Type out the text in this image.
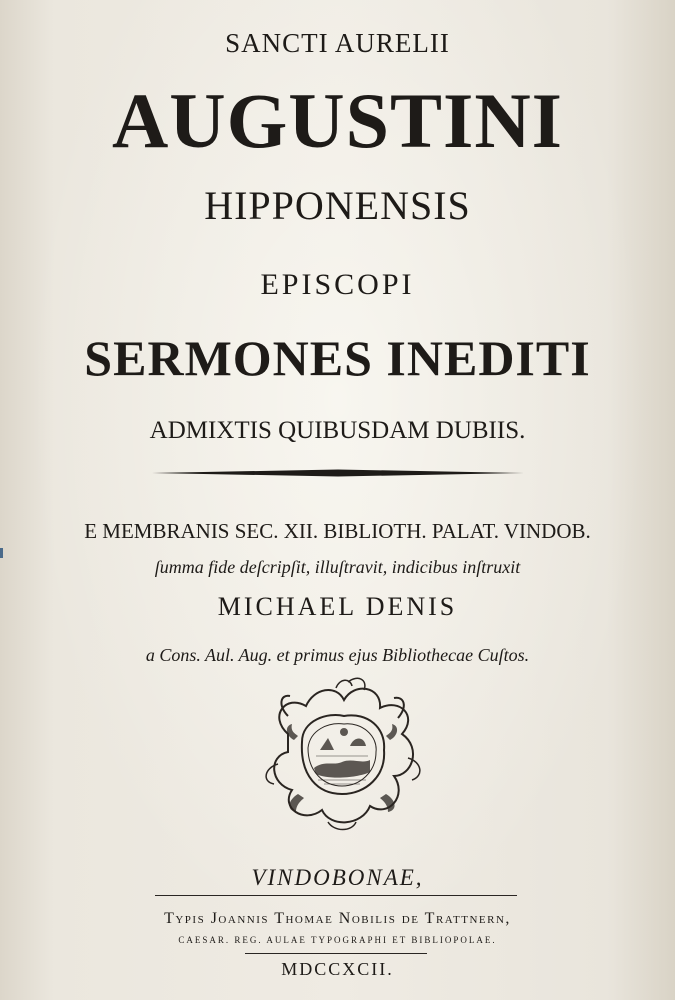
SANCTI AURELII
AUGUSTINI
HIPPONENSIS
EPISCOPI
SERMONES INEDITI
ADMIXTIS QUIBUSDAM DUBIIS.
E MEMBRANIS SEC. XII. BIBLIOTH. PALAT. VINDOB.
ſumma fide deſcripſit, illuſtravit, indicibus inſtruxit
MICHAEL DENIS
a Cons. Aul. Aug. et primus ejus Bibliothecae Cuſtos.
VINDOBONAE,
Typis Joannis Thomae Nobilis de Trattnern,
CAESAR. REG. AULAE TYPOGRAPHI ET BIBLIOPOLAE.
MDCCXCII.
